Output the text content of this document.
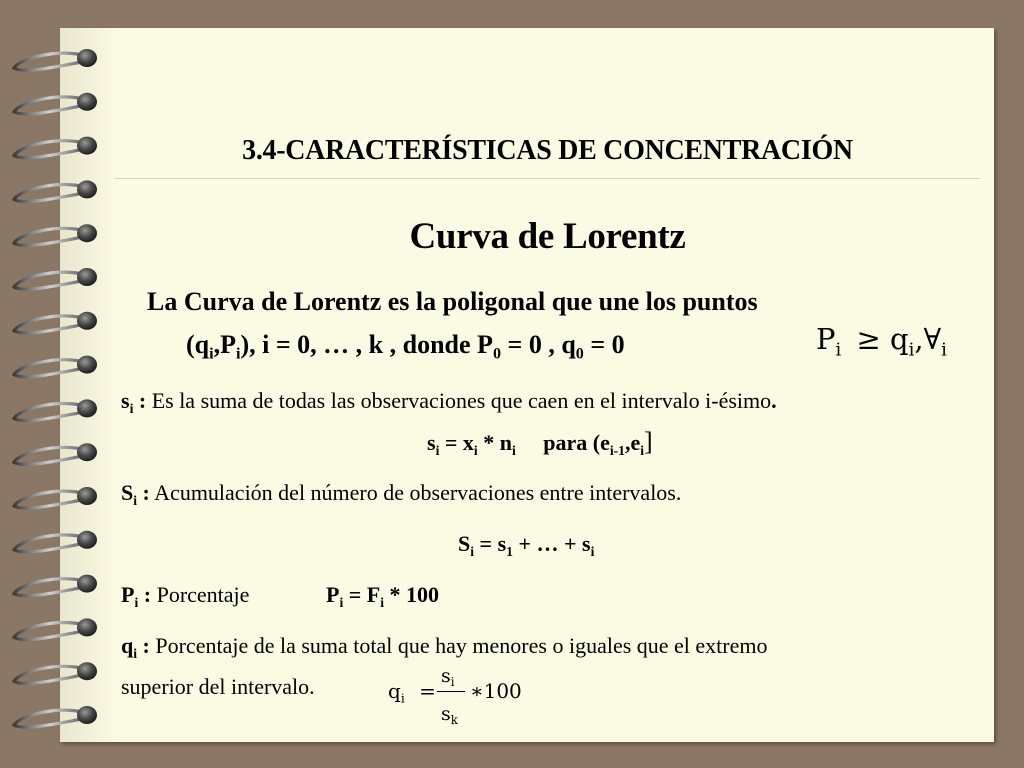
3.4-CARACTERÍSTICAS DE CONCENTRACIÓN
Curva de Lorentz
La Curva de Lorentz es la poligonal que une los puntos
$(q_i,P_i)$, i = 0, … , k , donde $P_0 = 0$ , $q_0 = 0$	$P_i$ ≥ $q_i,\forall_i$
$s_i$ : Es la suma de todas las observaciones que caen en el intervalo i-ésimo.
$s_i = x_i * n_i$ para $(e_{i-1},e_i]$
$S_i$ : Acumulación del número de observaciones entre intervalos.
$S_i = s_1$ + … + $s_i$
$P_i$ : Porcentaje	$P_i = F_i * 100$
$q_i$ : Porcentaje de la suma total que hay menores o iguales que el extremo
superior del intervalo.	$q_i$ =
$s_i$
$s_k$
∗100
